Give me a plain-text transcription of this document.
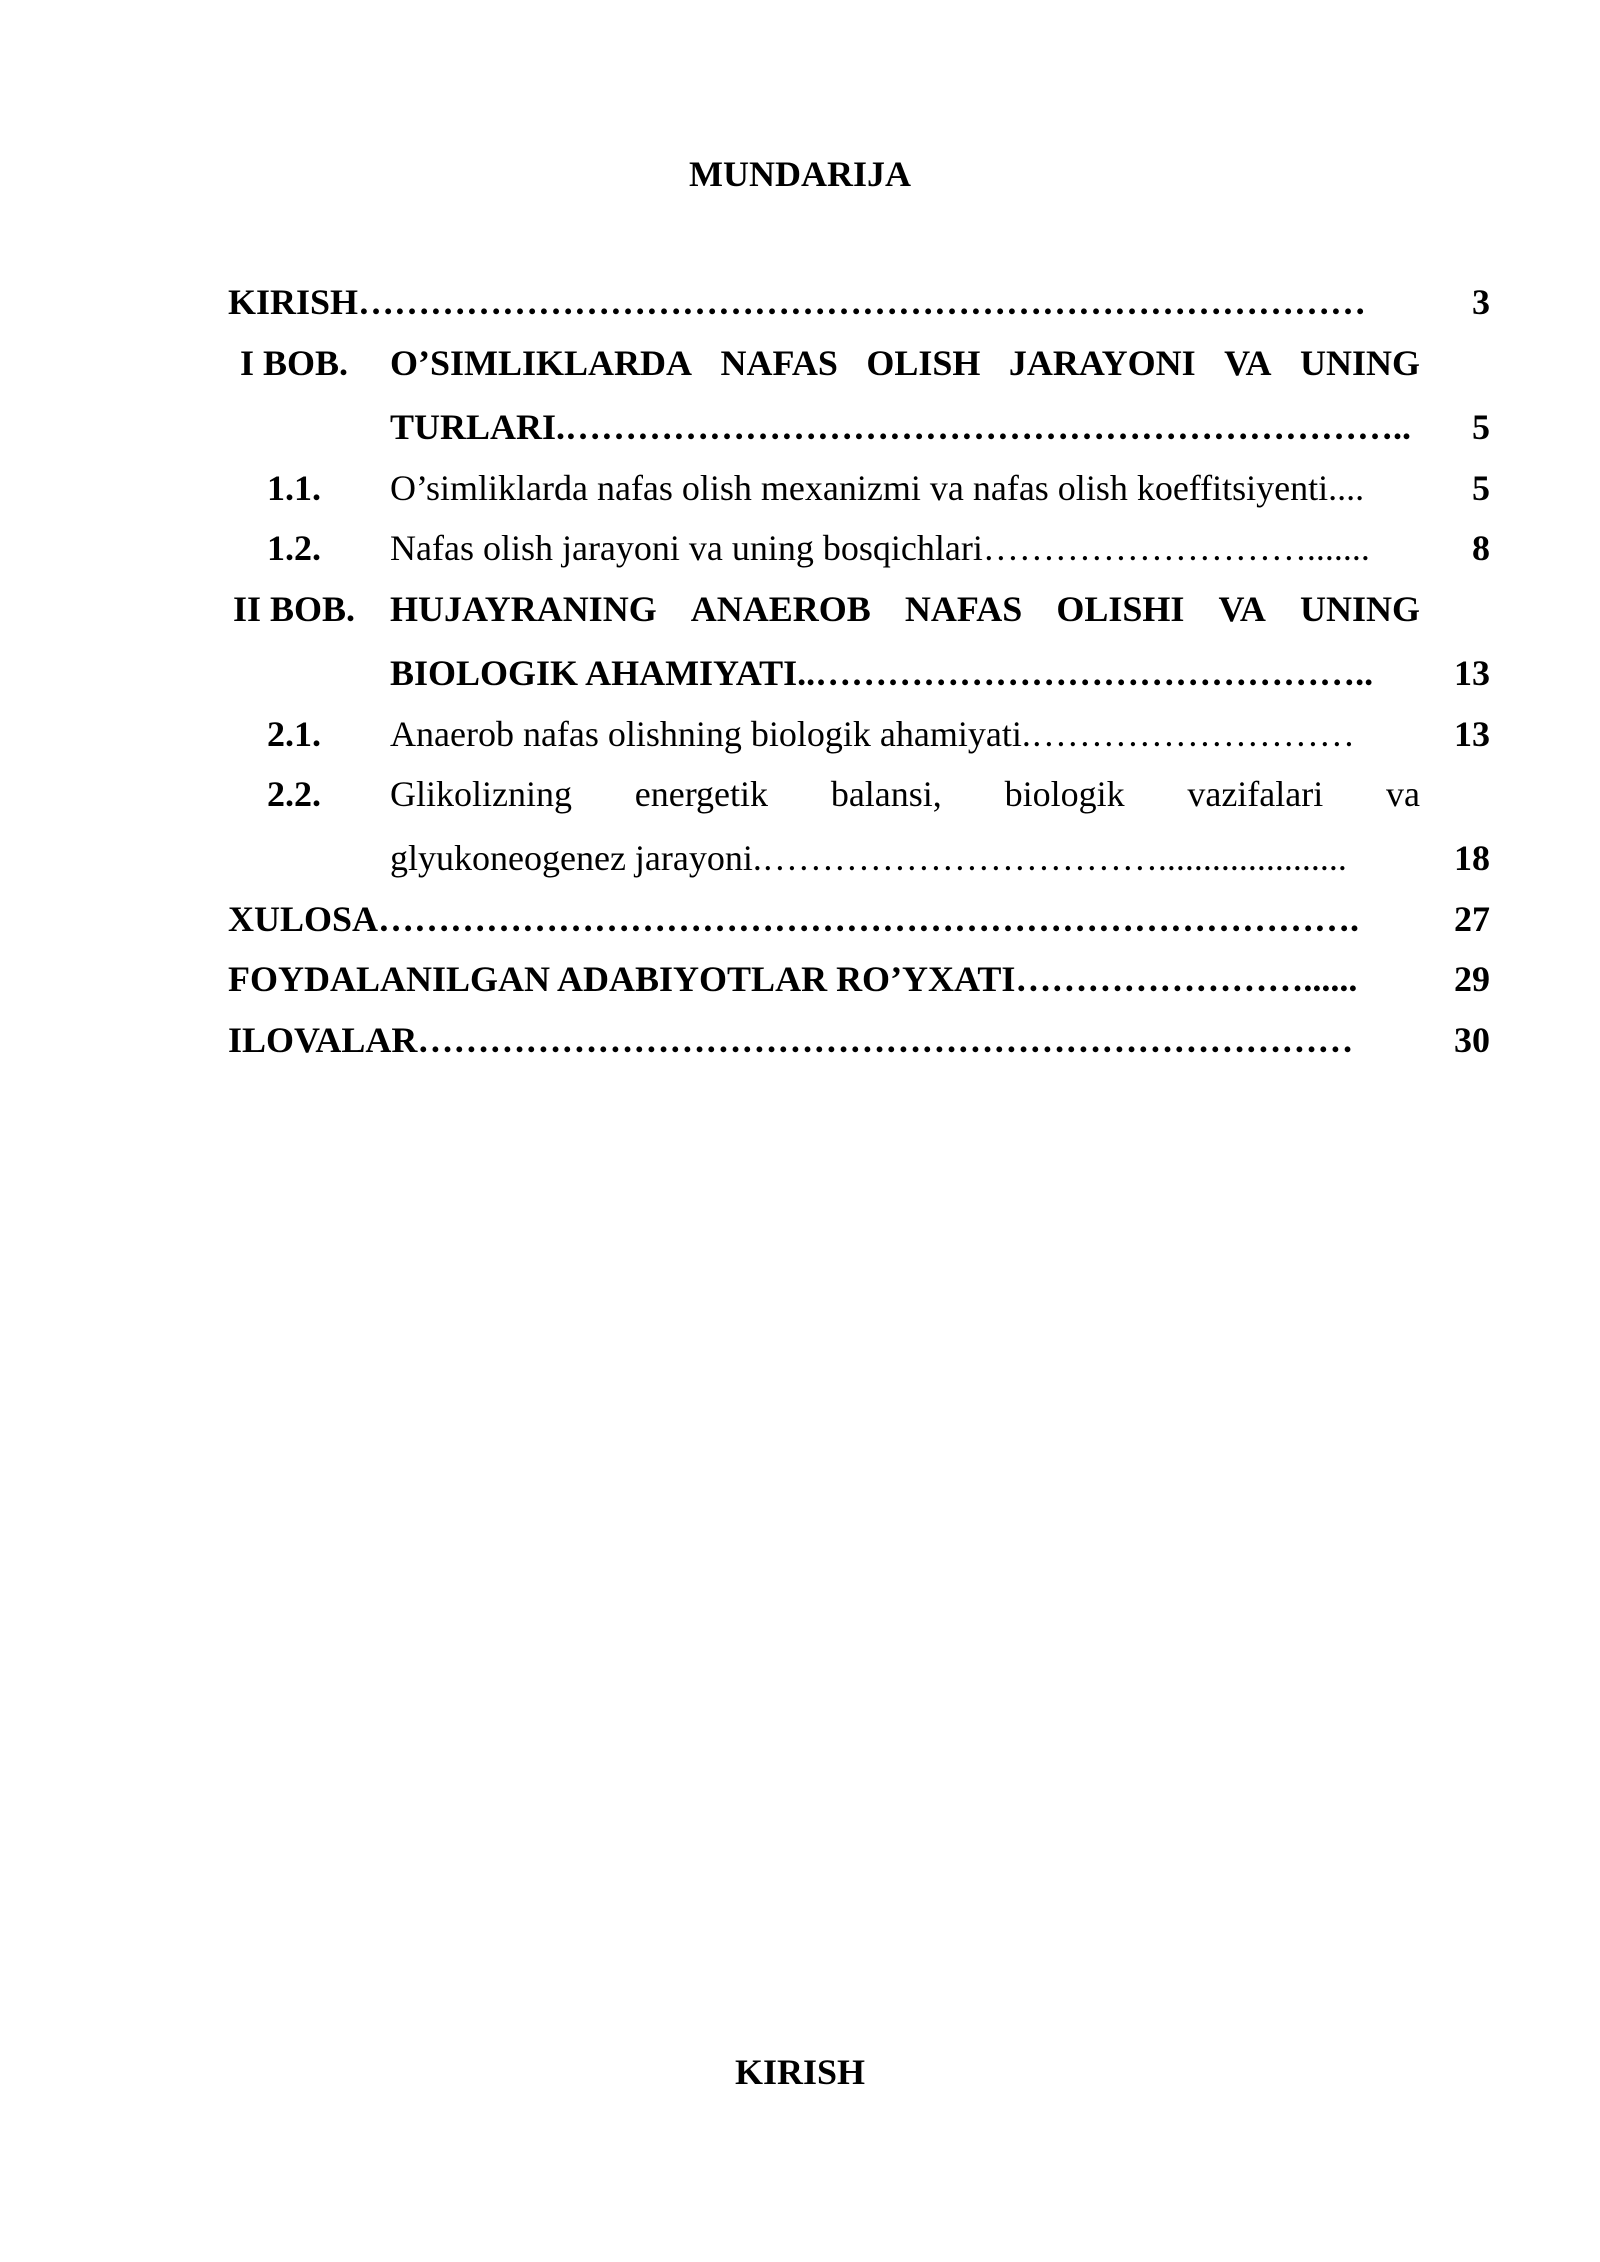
MUNDARIJA
KIRISH…………………………………………………………………………	3
I BOB.	O’SIMLIKLARDA NAFAS OLISH JARAYONI VA UNING
TURLARI.……………………………………………………………..	5
1.1.	O’simliklarda nafas olish mexanizmi va nafas olish koeffitsiyenti....	5
1.2.	Nafas olish jarayoni va uning bosqichlari……………………….......	8
II BOB. HUJAYRANING ANAEROB NAFAS OLISHI VA UNING
BIOLOGIK AHAMIYATI..………………………………………..	13
2.1.	Anaerob nafas olishning biologik ahamiyati.………………………	13
2.2.	Glikolizning energetik balansi, biologik vazifalari va
glyukoneogenez jarayoni.…………………………….....................	18
XULOSA……………………………………………………………………….	27
FOYDALANILGAN ADABIYOTLAR RO’YXATI……………………......	29
ILOVALAR……………………………………………………………………	30
KIRISH
